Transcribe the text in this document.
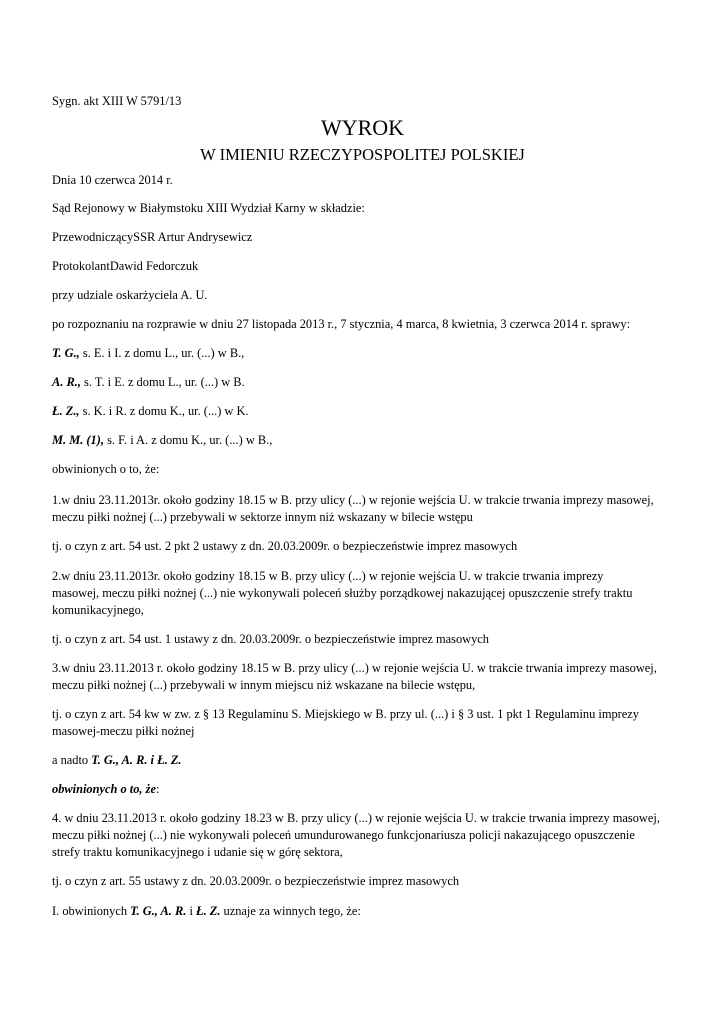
Sygn. akt XIII W 5791/13
WYROK
W IMIENIU RZECZYPOSPOLITEJ POLSKIEJ
Dnia 10 czerwca 2014 r.
Sąd Rejonowy w Białymstoku XIII Wydział Karny w składzie:
PrzewodniczącySSR Artur Andrysewicz
ProtokolantDawid Fedorczuk
przy udziale oskarżyciela A. U.
po rozpoznaniu na rozprawie w dniu 27 listopada 2013 r., 7 stycznia, 4 marca, 8 kwietnia, 3 czerwca 2014 r. sprawy:
T. G., s. E. i I. z domu L., ur. (...) w B.,
A. R., s. T. i E. z domu L., ur. (...) w B.
Ł. Z., s. K. i R. z domu K., ur. (...) w K.
M. M. (1), s. F. i A. z domu K., ur. (...) w B.,
obwinionych o to, że:
1.w dniu 23.11.2013r. około godziny 18.15 w B. przy ulicy (...) w rejonie wejścia U. w trakcie trwania imprezy masowej,
meczu piłki nożnej (...) przebywali w sektorze innym niż wskazany w bilecie wstępu
tj. o czyn z art. 54 ust. 2 pkt 2 ustawy z dn. 20.03.2009r. o bezpieczeństwie imprez masowych
2.w dniu 23.11.2013r. około godziny 18.15 w B. przy ulicy (...) w rejonie wejścia U. w trakcie trwania imprezy
masowej, meczu piłki nożnej (...) nie wykonywali poleceń służby porządkowej nakazującej opuszczenie strefy traktu
komunikacyjnego,
tj. o czyn z art. 54 ust. 1 ustawy z dn. 20.03.2009r. o bezpieczeństwie imprez masowych
3.w dniu 23.11.2013 r. około godziny 18.15 w B. przy ulicy (...) w rejonie wejścia U. w trakcie trwania imprezy masowej,
meczu piłki nożnej (...) przebywali w innym miejscu niż wskazane na bilecie wstępu,
tj. o czyn z art. 54 kw w zw. z § 13 Regulaminu S. Miejskiego w B. przy ul. (...) i § 3 ust. 1 pkt 1 Regulaminu imprezy
masowej-meczu piłki nożnej
a nadto T. G., A. R. i Ł. Z.
obwinionych o to, że:
4. w dniu 23.11.2013 r. około godziny 18.23 w B. przy ulicy (...) w rejonie wejścia U. w trakcie trwania imprezy masowej,
meczu piłki nożnej (...) nie wykonywali poleceń umundurowanego funkcjonariusza policji nakazującego opuszczenie
strefy traktu komunikacyjnego i udanie się w górę sektora,
tj. o czyn z art. 55 ustawy z dn. 20.03.2009r. o bezpieczeństwie imprez masowych
I. obwinionych T. G., A. R. i Ł. Z. uznaje za winnych tego, że:
